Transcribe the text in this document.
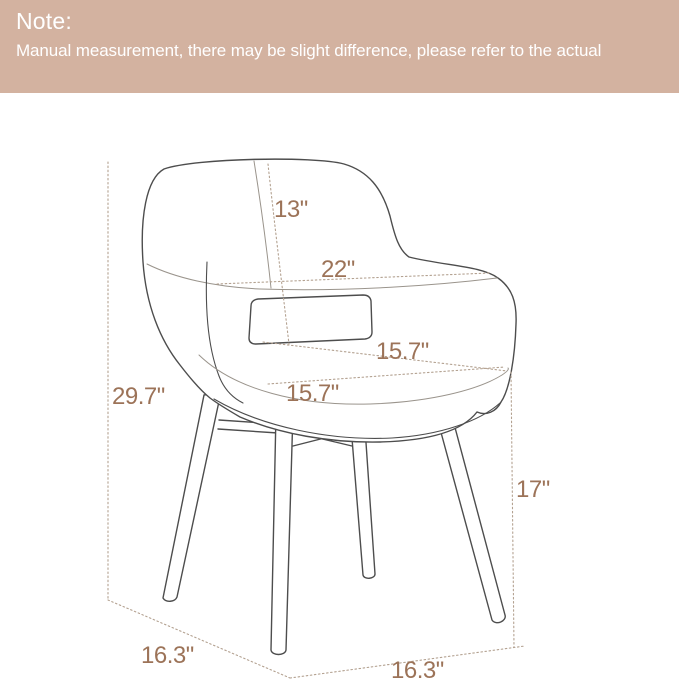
Note:

Manual measurement, there may be slight difference, please refer to the actual

13"
22"
15.7"
15.7"
29.7"
17"
16.3"
16.3"
